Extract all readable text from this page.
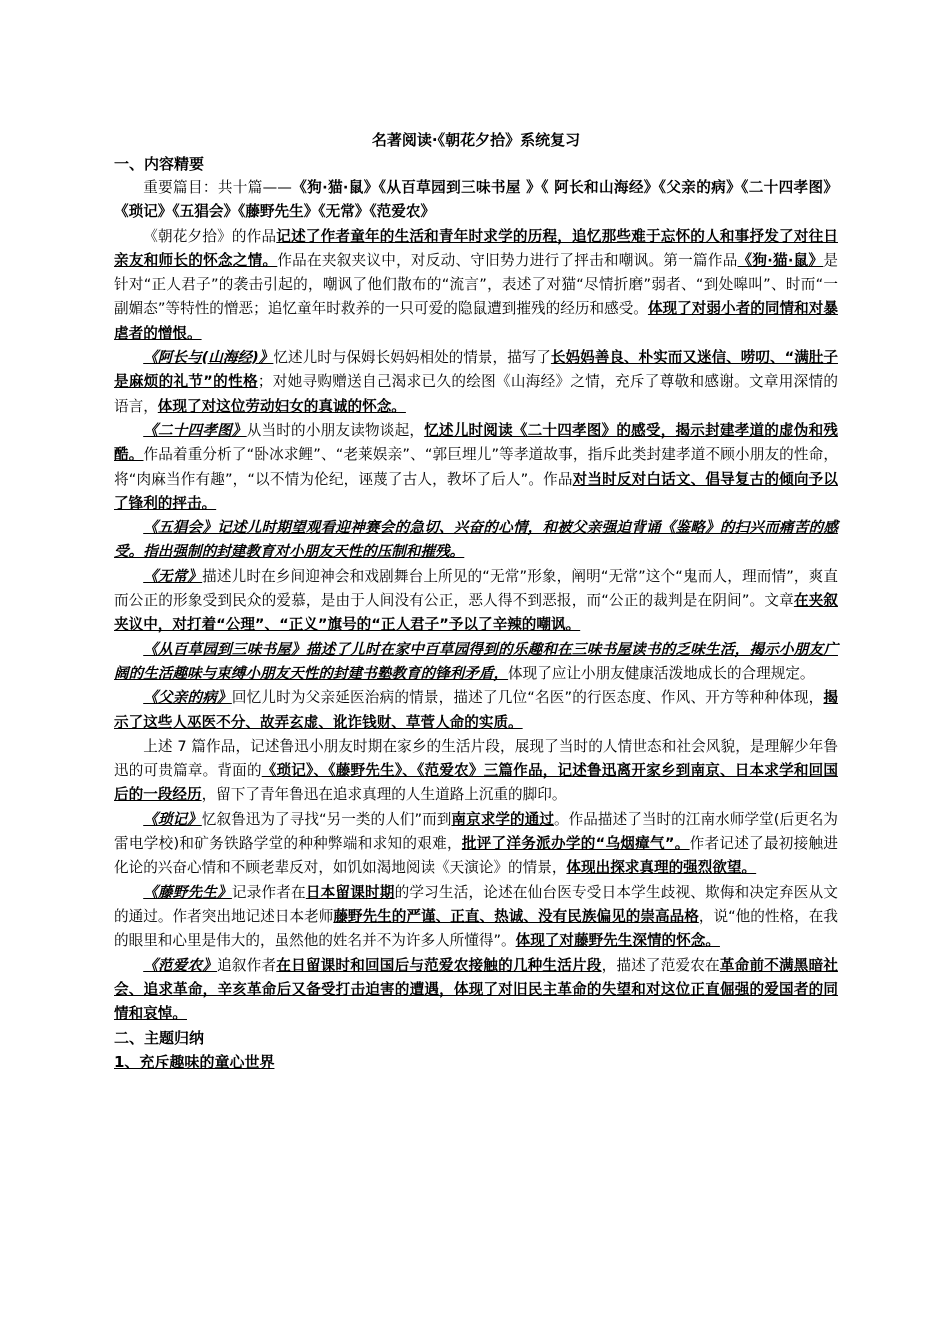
名著阅读·《朝花夕拾》系统复习
一、内容精要

重要篇目：共十篇——《狗·猫·鼠》《从百草园到三味书屋 》《 阿长和山海经》《父亲的病》《二十四孝图》《琐记》《五猖会》《藤野先生》《无常》《范爱农》

《朝花夕拾》的作品记述了作者童年的生活和青年时求学的历程，追忆那些难于忘怀的人和事抒发了对往日亲友和师长的怀念之情。作品在夹叙夹议中，对反动、守旧势力进行了抨击和嘲讽。第一篇作品《狗·猫·鼠》是针对“正人君子”的袭击引起的，嘲讽了他们散布的“流言”，表述了对猫“尽情折磨”弱者、“到处嗥叫”、时而“一副媚态”等特性的憎恶；追忆童年时救养的一只可爱的隐鼠遭到摧残的经历和感受。体现了对弱小者的同情和对暴虐者的憎恨。

《阿长与(山海经)》忆述儿时与保姆长妈妈相处的情景，描写了长妈妈善良、朴实而又迷信、唠叨、“满肚子是麻烦的礼节”的性格；对她寻购赠送自己渴求已久的绘图《山海经》之情，充斥了尊敬和感谢。文章用深情的语言，体现了对这位劳动妇女的真诚的怀念。

《二十四孝图》从当时的小朋友读物谈起，忆述儿时阅读《二十四孝图》的感受，揭示封建孝道的虚伪和残酷。作品着重分析了“卧冰求鲤”、“老莱娱亲”、“郭巨埋儿”等孝道故事，指斥此类封建孝道不顾小朋友的性命，将“肉麻当作有趣”，“以不情为伦纪，诬蔑了古人，教坏了后人”。作品对当时反对白话文、倡导复古的倾向予以了锋利的抨击。

《五猖会》记述儿时期望观看迎神赛会的急切、兴奋的心情，和被父亲强迫背诵《鉴略》的扫兴而痛苦的感受。指出强制的封建教育对小朋友天性的压制和摧残。

《无常》描述儿时在乡间迎神会和戏剧舞台上所见的“无常”形象，阐明“无常”这个“鬼而人，理而情”，爽直而公正的形象受到民众的爱慕，是由于人间没有公正，恶人得不到恶报，而“公正的裁判是在阴间”。文章在夹叙夹议中，对打着“公理”、“正义”旗号的“正人君子”予以了辛辣的嘲讽。

《从百草园到三味书屋》描述了儿时在家中百草园得到的乐趣和在三味书屋读书的乏味生活，揭示小朋友广阔的生活趣味与束缚小朋友天性的封建书塾教育的锋利矛盾，体现了应让小朋友健康活泼地成长的合理规定。

《父亲的病》回忆儿时为父亲延医治病的情景，描述了几位“名医”的行医态度、作风、开方等种种体现，揭示了这些人巫医不分、故弄玄虚、讹诈钱财、草菅人命的实质。

上述 7 篇作品，记述鲁迅小朋友时期在家乡的生活片段，展现了当时的人情世态和社会风貌，是理解少年鲁迅的可贵篇章。背面的《琐记》、《藤野先生》、《范爱农》三篇作品，记述鲁迅离开家乡到南京、日本求学和回国后的一段经历，留下了青年鲁迅在追求真理的人生道路上沉重的脚印。

《琐记》忆叙鲁迅为了寻找“另一类的人们”而到南京求学的通过。作品描述了当时的江南水师学堂(后更名为雷电学校)和矿务铁路学堂的种种弊端和求知的艰难，批评了洋务派办学的“乌烟瘴气”。作者记述了最初接触进化论的兴奋心情和不顾老辈反对，如饥如渴地阅读《天演论》的情景，体现出探求真理的强烈欲望。

《藤野先生》记录作者在日本留课时期的学习生活，论述在仙台医专受日本学生歧视、欺侮和决定弃医从文的通过。作者突出地记述日本老师藤野先生的严谨、正直、热诚、没有民族偏见的崇高品格，说“他的性格，在我的眼里和心里是伟大的，虽然他的姓名并不为许多人所懂得”。体现了对藤野先生深情的怀念。

《范爱农》追叙作者在日留课时和回国后与范爱农接触的几种生活片段，描述了范爱农在革命前不满黑暗社会、追求革命，辛亥革命后又备受打击迫害的遭遇，体现了对旧民主革命的失望和对这位正直倔强的爱国者的同情和哀悼。

二、主题归纳
1、充斥趣味的童心世界
